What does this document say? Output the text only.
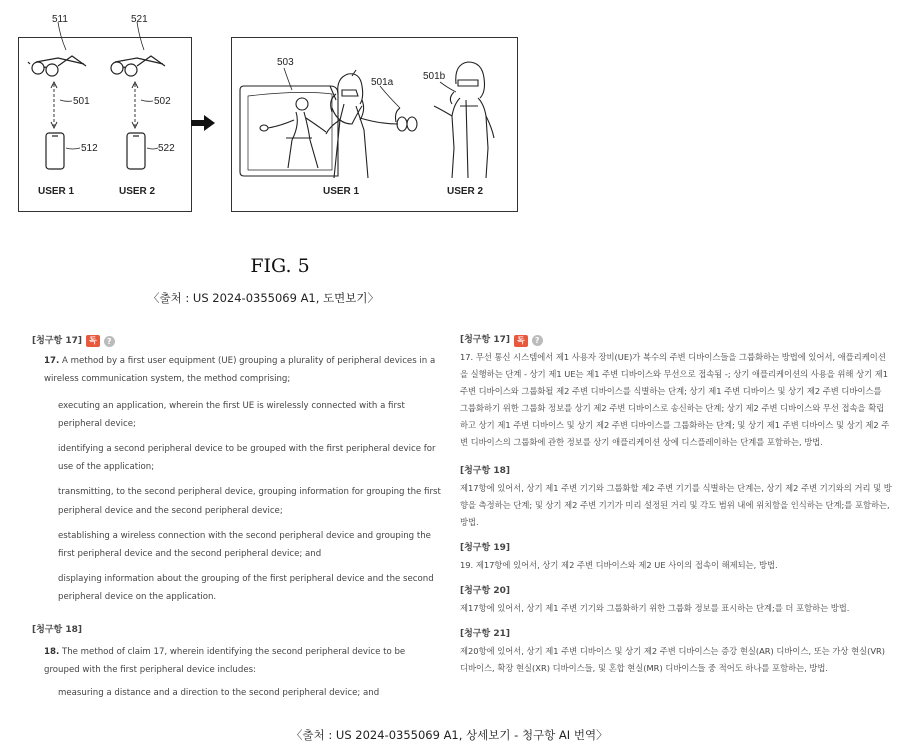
511	521
501	502
512	522
USER 1	USER 2
503
501a
501b
USER 1	USER 2
FIG. 5
〈출처 : US 2024-0355069 A1, 도면보기〉
[청구항 17] 독	?

17. A method by a first user equipment (UE) grouping a plurality of peripheral devices in a wireless communication system, the method comprising;

executing an application, wherein the first UE is wirelessly connected with a first peripheral device;

identifying a second peripheral device to be grouped with the first peripheral device for use of the application;

transmitting, to the second peripheral device, grouping information for grouping the first peripheral device and the second peripheral device;

establishing a wireless connection with the second peripheral device and grouping the first peripheral device and the second peripheral device; and

displaying information about the grouping of the first peripheral device and the second peripheral device on the application.

[청구항 18]

18. The method of claim 17, wherein identifying the second peripheral device to be grouped with the first peripheral device includes:

measuring a distance and a direction to the second peripheral device; and

[청구항 17] 독	?

17. 무선 통신 시스템에서 제1 사용자 장비(UE)가 복수의 주변 디바이스들을 그룹화하는 방법에 있어서, 애플리케이션을 실행하는 단계 - 상기 제1 UE는 제1 주변 디바이스와 무선으로 접속됨 -; 상기 애플리케이션의 사용을 위해 상기 제1 주변 디바이스와 그룹화될 제2 주변 디바이스를 식별하는 단계; 상기 제1 주변 디바이스 및 상기 제2 주변 디바이스를 그룹화하기 위한 그룹화 정보를 상기 제2 주변 디바이스로 송신하는 단계; 상기 제2 주변 디바이스와 무선 접속을 확립하고 상기 제1 주변 디바이스 및 상기 제2 주변 디바이스를 그룹화하는 단계; 및 상기 제1 주변 디바이스 및 상기 제2 주변 디바이스의 그룹화에 관한 정보를 상기 애플리케이션 상에 디스플레이하는 단계를 포함하는, 방법.

[청구항 18]

제17항에 있어서, 상기 제1 주변 기기와 그룹화할 제2 주변 기기를 식별하는 단계는, 상기 제2 주변 기기와의 거리 및 방향을 측정하는 단계; 및 상기 제2 주변 기기가 미리 설정된 거리 및 각도 범위 내에 위치함을 인식하는 단계;를 포함하는, 방법.

[청구항 19]

19. 제17항에 있어서, 상기 제2 주변 디바이스와 제2 UE 사이의 접속이 해제되는, 방법.

[청구항 20]

제17항에 있어서, 상기 제1 주변 기기와 그룹화하기 위한 그룹화 정보를 표시하는 단계;를 더 포함하는 방법.

[청구항 21]

제20항에 있어서, 상기 제1 주변 디바이스 및 상기 제2 주변 디바이스는 증강 현실(AR) 디바이스, 또는 가상 현실(VR) 디바이스, 확장 현실(XR) 디바이스들, 및 혼합 현실(MR) 디바이스들 중 적어도 하나를 포함하는, 방법.

〈출처 : US 2024-0355069 A1, 상세보기 - 청구항 AI 번역〉
